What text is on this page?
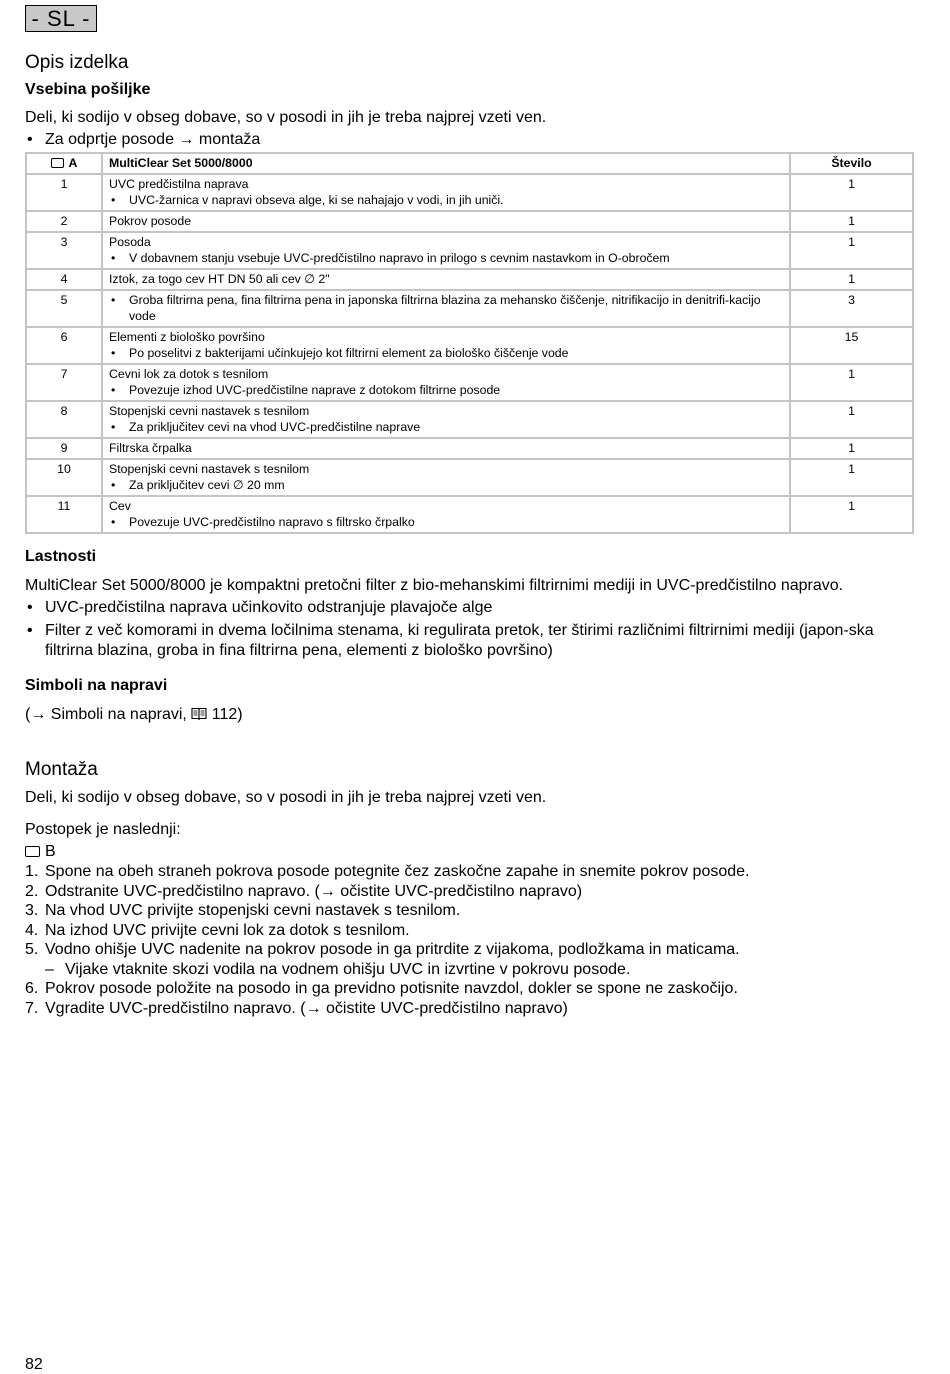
- SL -
Opis izdelka
Vsebina pošiljke

Deli, ki sodijo v obseg dobave, so v posodi in jih je treba najprej vzeti ven.

• Za odprtje posode → montaža
A	MultiClear Set 5000/8000	Število
1	UVC predčistilna naprava
• UVC-žarnica v napravi obseva alge, ki se nahajajo v vodi, in jih uniči.	1
2	Pokrov posode	1
3	Posoda
• V dobavnem stanju vsebuje UVC-predčistilno napravo in prilogo s cevnim nastavkom in O-obročem	1
4	Iztok, za togo cev HT DN 50 ali cev ∅ 2"	1
5	• Groba filtrirna pena, fina filtrirna pena in japonska filtrirna blazina za mehansko čiščenje, nitrifikacijo in denitrifi-kacijo vode	3
6	Elementi z biološko površino
• Po poselitvi z bakterijami učinkujejo kot filtrirni element za biološko čiščenje vode	15
7	Cevni lok za dotok s tesnilom
• Povezuje izhod UVC-predčistilne naprave z dotokom filtrirne posode	1
8	Stopenjski cevni nastavek s tesnilom
• Za priključitev cevi na vhod UVC-predčistilne naprave	1
9	Filtrska črpalka	1
10	Stopenjski cevni nastavek s tesnilom
• Za priključitev cevi ∅ 20 mm	1
11	Cev
• Povezuje UVC-predčistilno napravo s filtrsko črpalko	1
Lastnosti

MultiClear Set 5000/8000 je kompaktni pretočni filter z bio-mehanskimi filtrirnimi mediji in UVC-predčistilno napravo.

• UVC-predčistilna naprava učinkovito odstranjuje plavajoče alge
• Filter z več komorami in dvema ločilnima stenama, ki regulirata pretok, ter štirimi različnimi filtrirnimi mediji (japon-ska filtrirna blazina, groba in fina filtrirna pena, elementi z biološko površino)
Simboli na napravi

(→ Simboli na napravi, 112)

Montaža

Deli, ki sodijo v obseg dobave, so v posodi in jih je treba najprej vzeti ven.

Postopek je naslednji:

B

1. Spone na obeh straneh pokrova posode potegnite čez zaskočne zapahe in snemite pokrov posode.
2. Odstranite UVC-predčistilno napravo. (→ očistite UVC-predčistilno napravo)
3. Na vhod UVC privijte stopenjski cevni nastavek s tesnilom.
4. Na izhod UVC privijte cevni lok za dotok s tesnilom.
5. Vodno ohišje UVC nadenite na pokrov posode in ga pritrdite z vijakoma, podložkama in maticama.
– Vijake vtaknite skozi vodila na vodnem ohišju UVC in izvrtine v pokrovu posode.
6. Pokrov posode položite na posodo in ga previdno potisnite navzdol, dokler se spone ne zaskočijo.
7. Vgradite UVC-predčistilno napravo. (→ očistite UVC-predčistilno napravo)
82
